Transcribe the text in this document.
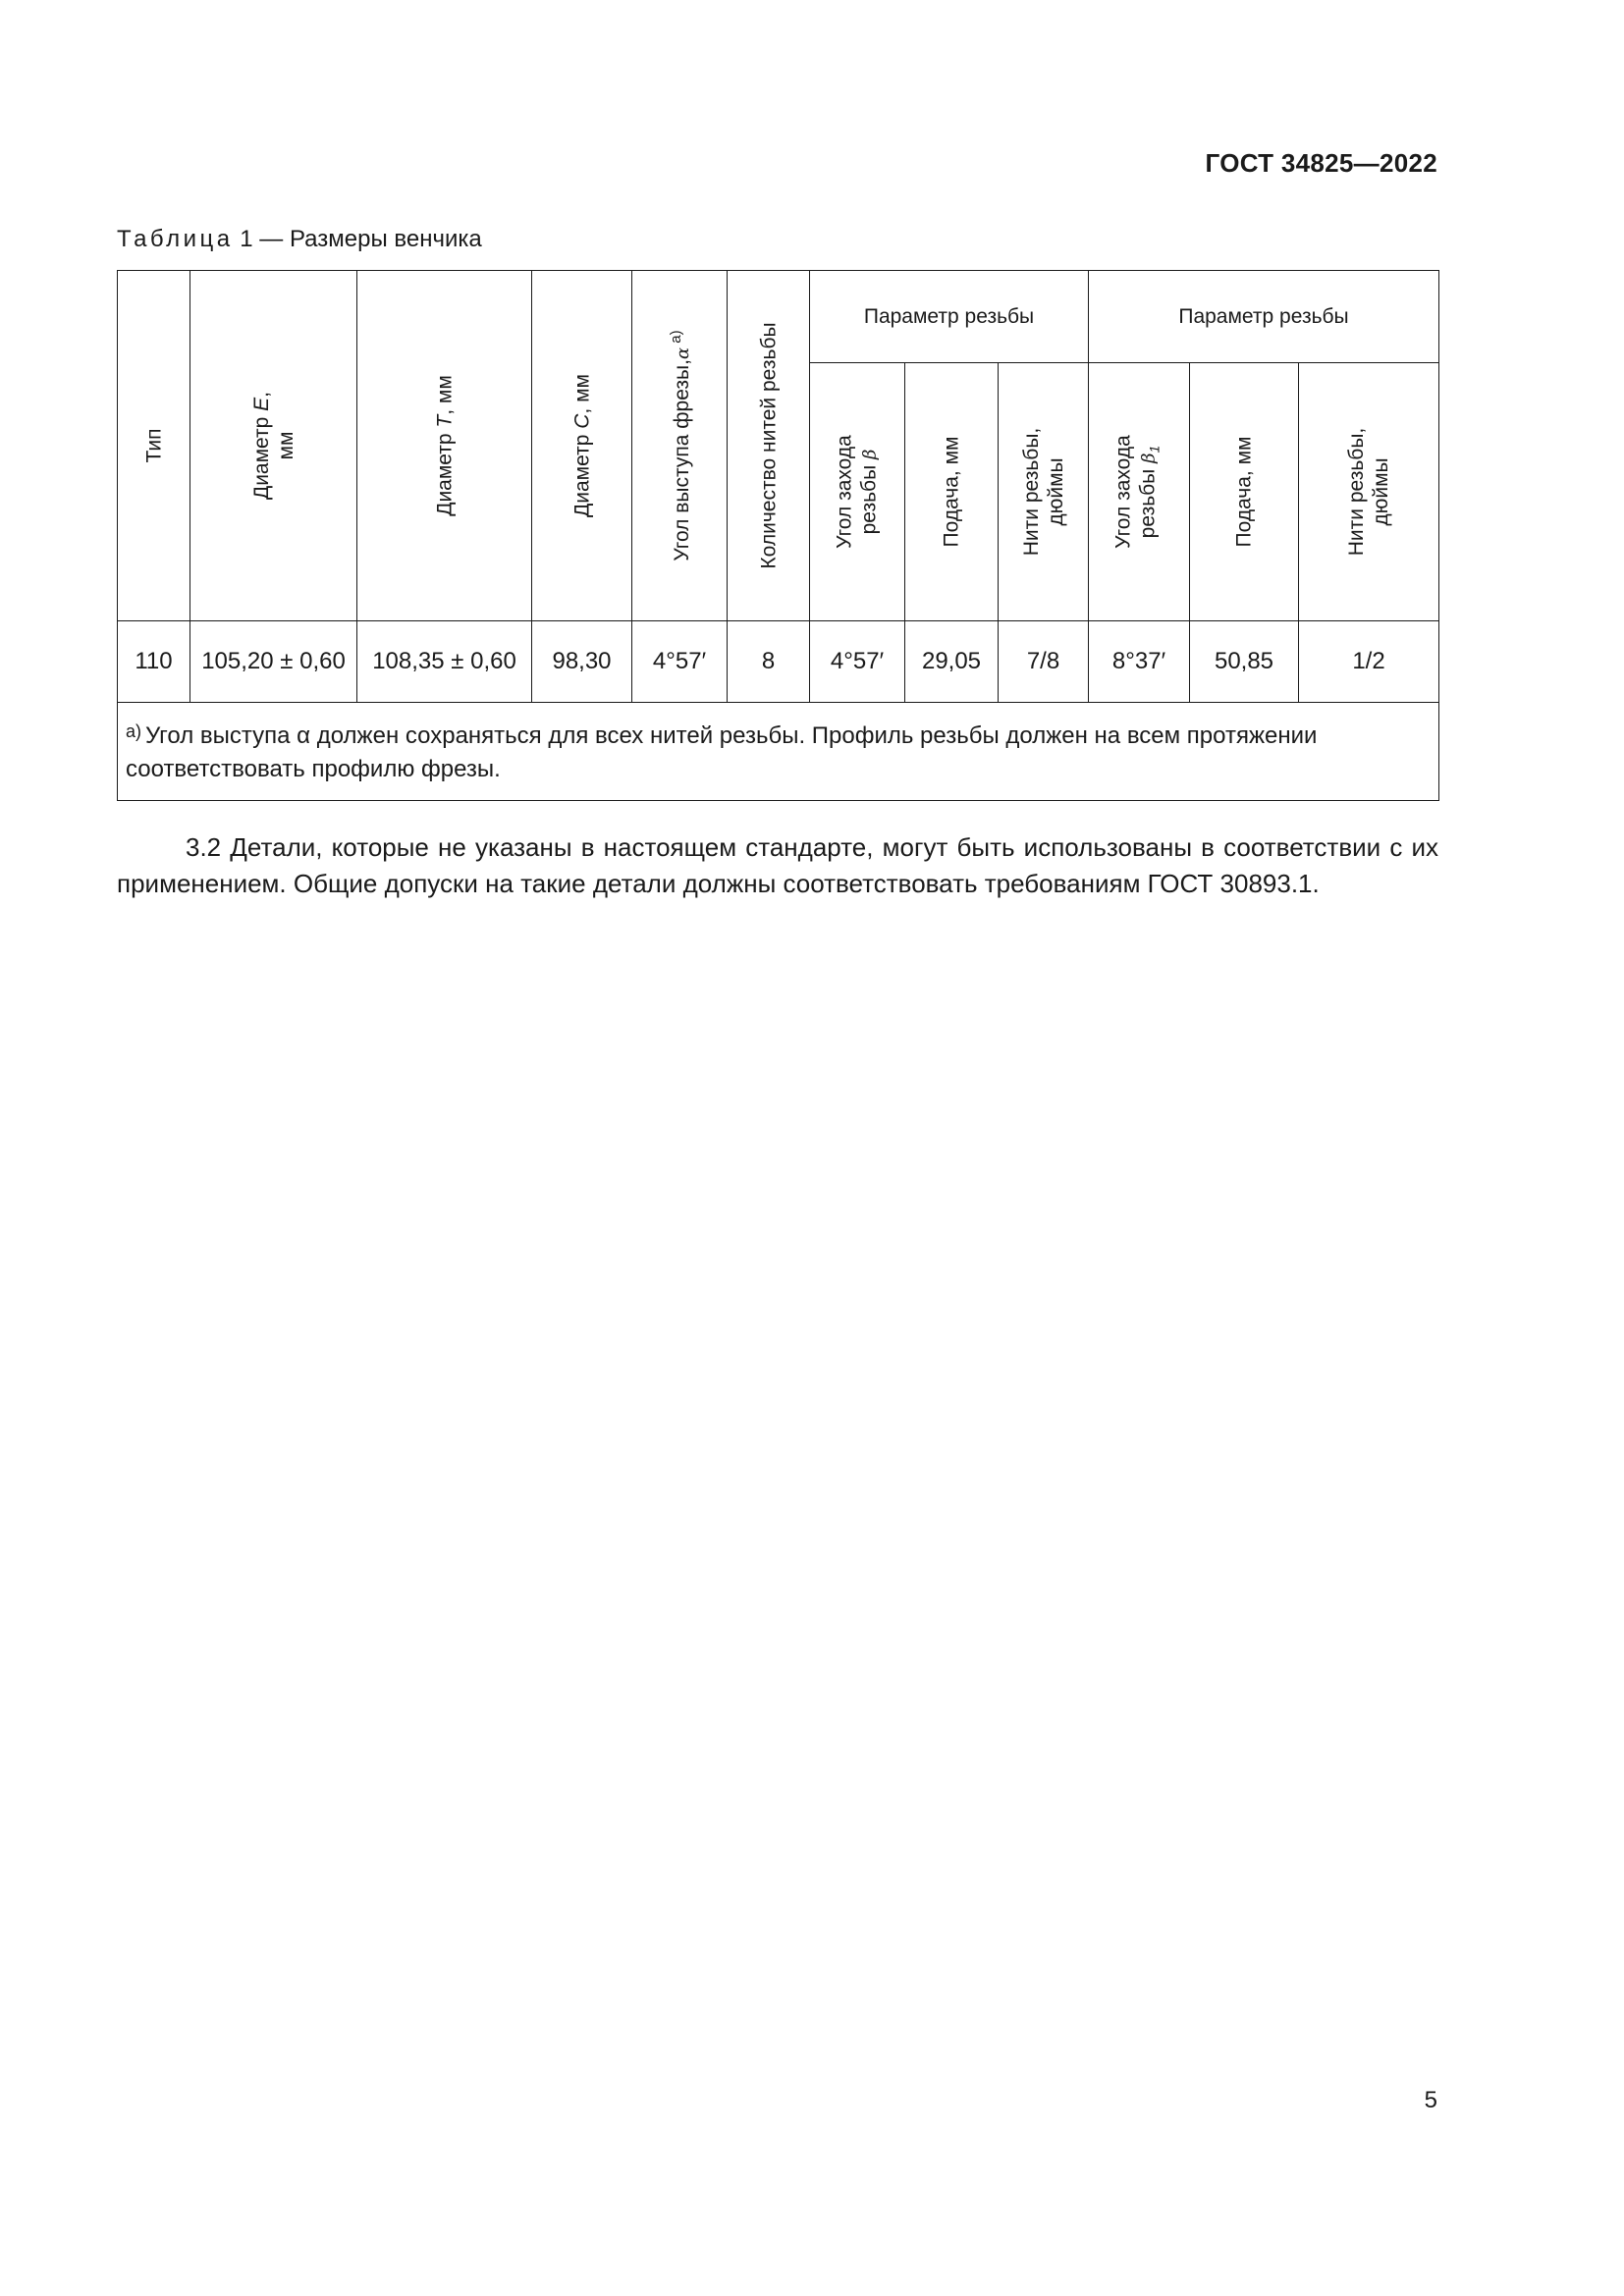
ГОСТ 34825—2022
Таблица 1 — Размеры венчика
Тип	Диаметр E,
мм	Диаметр T, мм	Диаметр C, мм	Угол выступа фрезы,α $^{а)}$	Количество нитей резьбы	Параметр резьбы			Параметр резьбы		

						Угол захода резьбы β	Подача, мм	Нити резьбы, дюймы	Угол захода резьбы $\beta_1$	Подача, мм	Нити резьбы, дюймы

110	105,20 ± 0,60	108,35 ± 0,60	98,30	4°57′	8	4°57′	29,05	7/8	8°37′	50,85	1/2
$^{а)}$ Угол выступа α должен сохраняться для всех нитей резьбы. Профиль резьбы должен на всем протяжении соответствовать профилю фрезы.											

3.2 Детали, которые не указаны в настоящем стандарте, могут быть использованы в соответствии с их применением. Общие допуски на такие детали должны соответствовать требованиям ГОСТ 30893.1.

5
